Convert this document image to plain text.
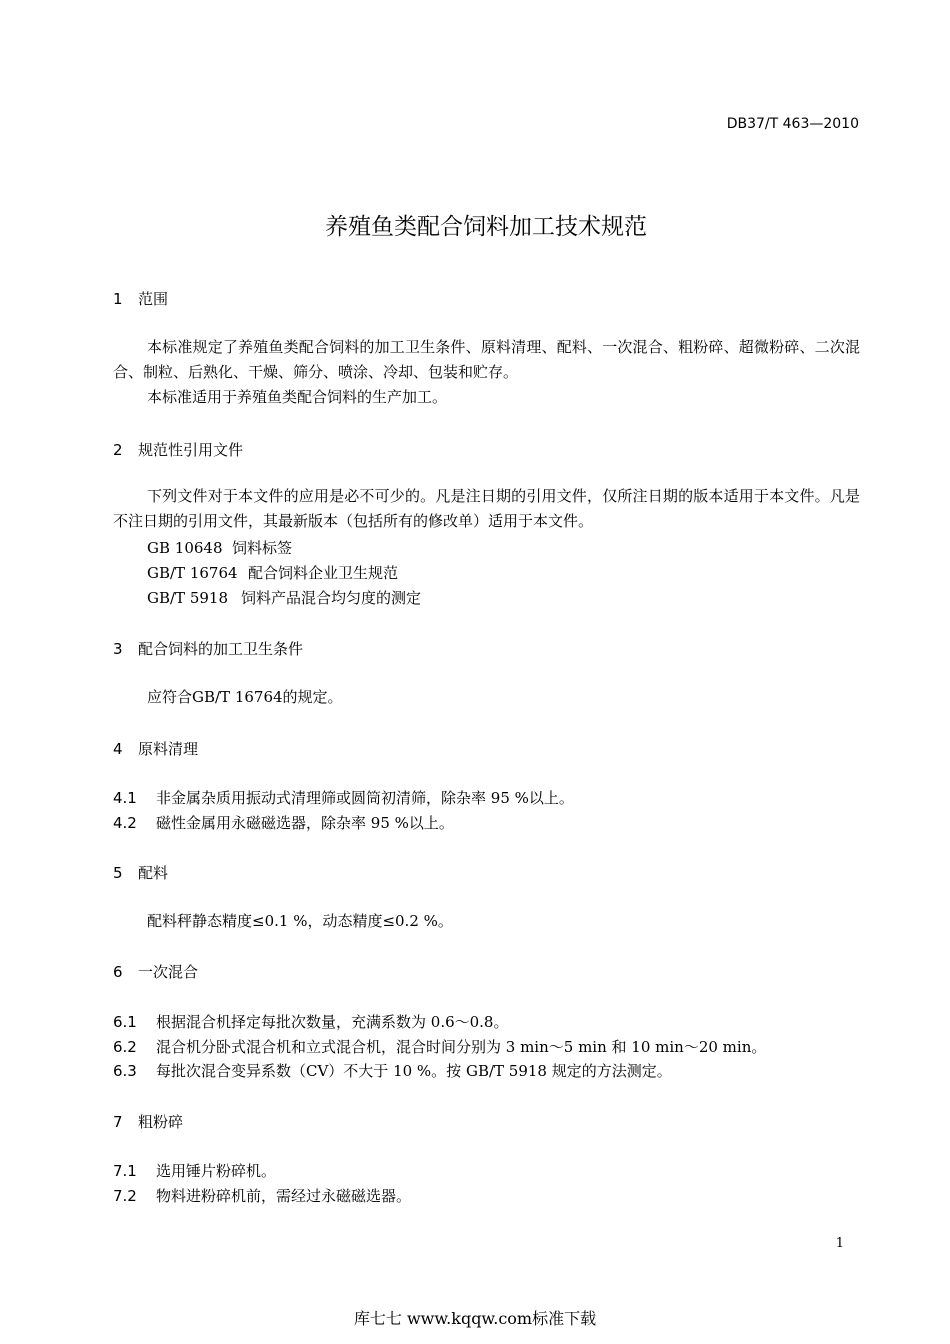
DB37/T 463—2010
养殖鱼类配合饲料加工技术规范
1 范围
本标准规定了养殖鱼类配合饲料的加工卫生条件、原料清理、配料、一次混合、粗粉碎、超微粉碎、二次混合、制粒、后熟化、干燥、筛分、喷涂、冷却、包装和贮存。
本标准适用于养殖鱼类配合饲料的生产加工。
2 规范性引用文件
下列文件对于本文件的应用是必不可少的。凡是注日期的引用文件，仅所注日期的版本适用于本文件。凡是不注日期的引用文件，其最新版本（包括所有的修改单）适用于本文件。
GB 10648 饲料标签
GB/T 16764 配合饲料企业卫生规范
GB/T 5918 饲料产品混合均匀度的测定
3 配合饲料的加工卫生条件
应符合GB/T 16764的规定。
4 原料清理
4.1 非金属杂质用振动式清理筛或圆筒初清筛，除杂率 95 %以上。
4.2 磁性金属用永磁磁选器，除杂率 95 %以上。
5 配料
配料秤静态精度≤0.1 %，动态精度≤0.2 %。
6 一次混合
6.1 根据混合机择定每批次数量，充满系数为 0.6～0.8。
6.2 混合机分卧式混合机和立式混合机，混合时间分别为 3 min～5 min 和 10 min～20 min。
6.3 每批次混合变异系数（CV）不大于 10 %。按 GB/T 5918 规定的方法测定。
7 粗粉碎
7.1 选用锤片粉碎机。
7.2 物料进粉碎机前，需经过永磁磁选器。
1
库七七 www.kqqw.com标准下载
